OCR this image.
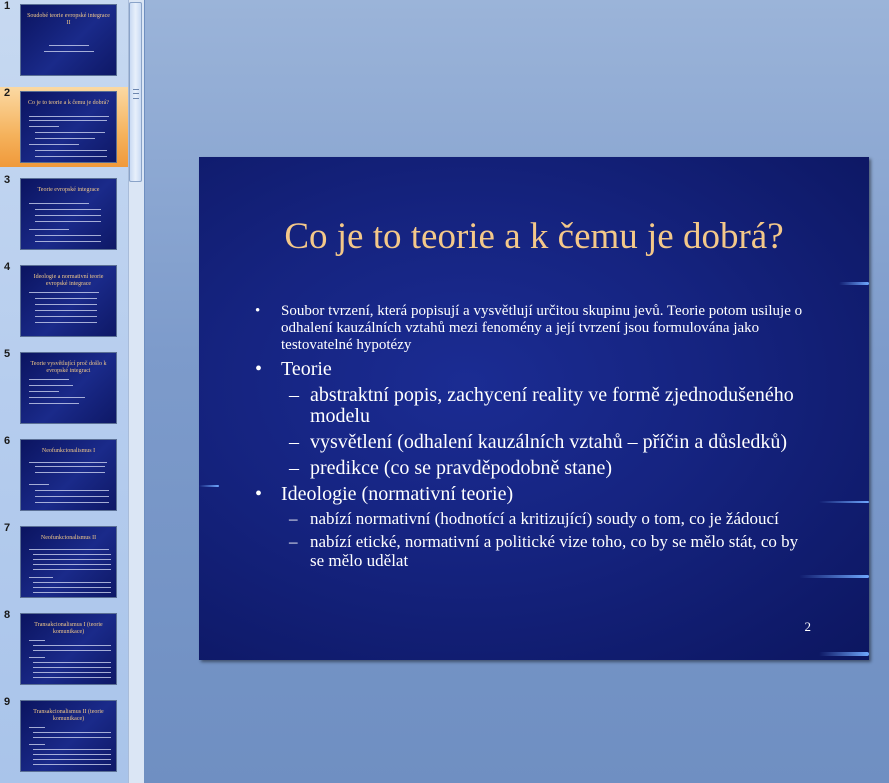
1
Soudobé teorie evropské integrace II
2
Co je to teorie a k čemu je dobrá?
3
Teorie evropské integrace
4
Ideologie a normativní teorie evropské integrace
5
Teorie vysvětlující proč došlo k evropské integraci
6
Neofunkcionalismus I
7
Neofunkcionalismus II
8
Transakcionalismus I (teorie komunikace)
9
Transakcionalismus II (teorie komunikace)
Co je to teorie a k čemu je dobrá?
• Soubor tvrzení, která popisují a vysvětlují určitou skupinu jevů. Teorie potom usiluje o odhalení kauzálních vztahů mezi fenomény a její tvrzení jsou formulována jako testovatelné hypotézy
• Teorie
– abstraktní popis, zachycení reality ve formě zjednodušeného modelu
– vysvětlení (odhalení kauzálních vztahů – příčin a důsledků)
– predikce (co se pravděpodobně stane)
• Ideologie (normativní teorie)
– nabízí normativní (hodnotící a kritizující) soudy o tom, co je žádoucí
– nabízí etické, normativní a politické vize toho, co by se mělo stát, co by se mělo udělat
2
